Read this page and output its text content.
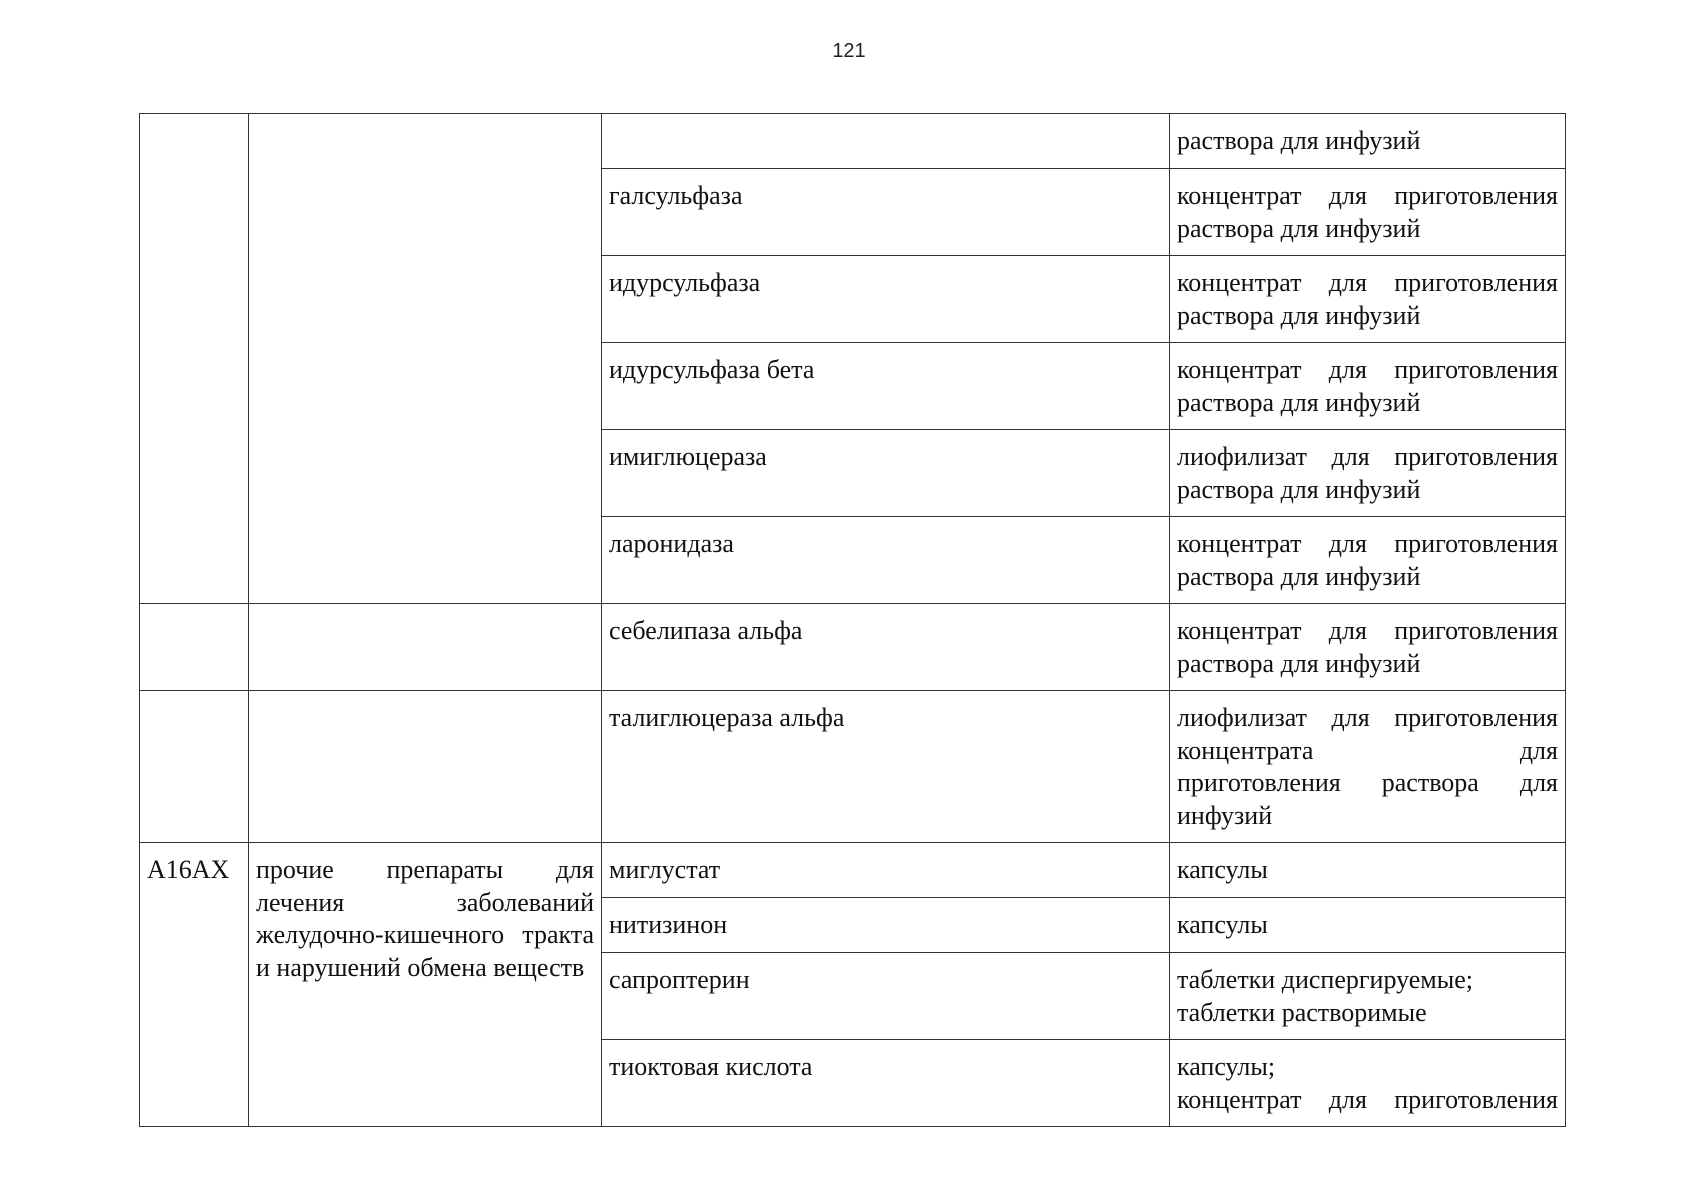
121

			раствора для инфузий

		галсульфаза	концентрат для приготовления
раствора для инфузий

		идурсульфаза	концентрат для приготовления
раствора для инфузий

		идурсульфаза бета	концентрат для приготовления
раствора для инфузий

		имиглюцераза	лиофилизат для приготовления
раствора для инфузий

		ларонидаза	концентрат для приготовления
раствора для инфузий

		себелипаза альфа	концентрат для приготовления
раствора для инфузий

		талиглюцераза альфа	лиофилизат для приготовления
концентрата для
приготовления раствора для
инфузий

A16AX	прочие препараты для лечения заболеваний желудочно-кишечного тракта и нарушений обмена веществ	миглустат	капсулы

		нитизинон	капсулы

		сапроптерин	таблетки диспергируемые;
таблетки растворимые

		тиоктовая кислота	капсулы;
концентрат для приготовления
